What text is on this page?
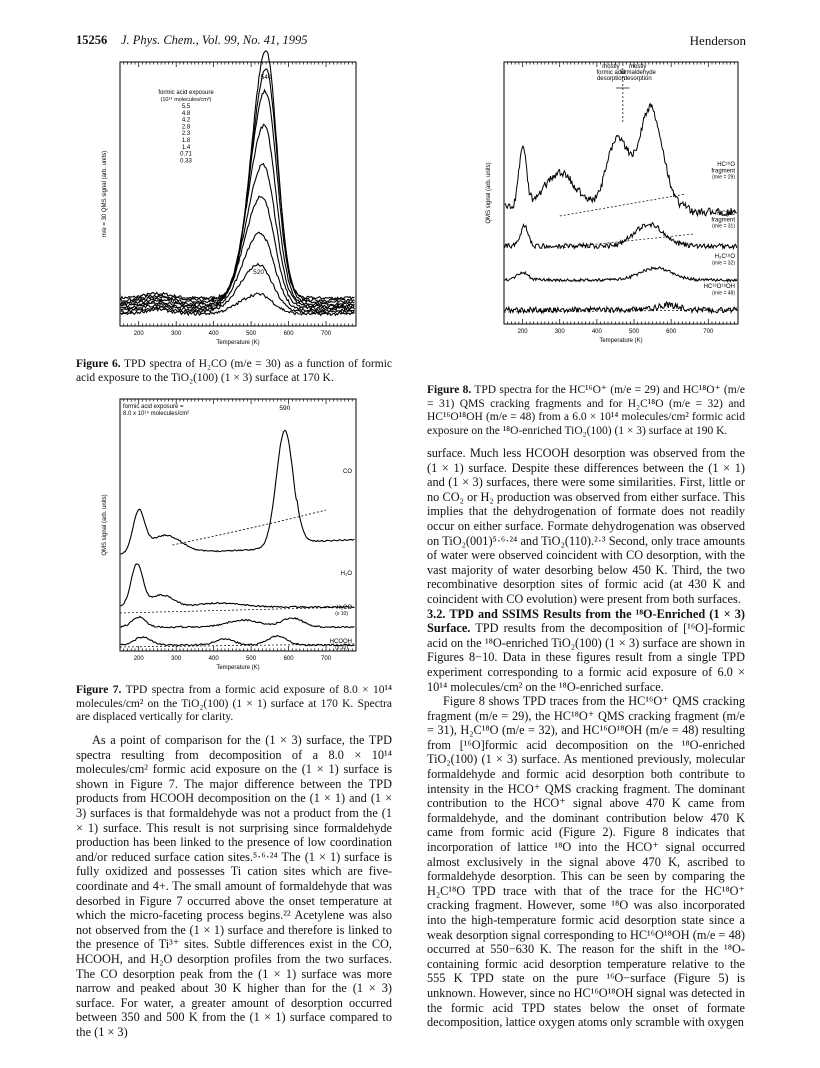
15256 J. Phys. Chem., Vol. 99, No. 41, 1995	Henderson
200	300	400	500	600	700
Temperature (K)
m/e = 30 QMS signal (arb. units)
540
520
formic acid exposure
(10¹⁴ molecules/cm²)
5.5
4.8
4.2
2.8
2.3
1.8
1.4
0.71
0.33
Figure 6. TPD spectra of H₂CO (m/e = 30) as a function of formic acid exposure to the TiO₂(100) (1 × 3) surface at 170 K.
200	300	400	500	600	700
Temperature (K)
QMS signal (arb. units)
formic acid exposure =
8.0 x 10¹⁴ molecules/cm²
590
CO
H₂O
H₂CO
(x 10)
HCOOH
(x 10)
Figure 7. TPD spectra from a formic acid exposure of 8.0 × 10¹⁴ molecules/cm² on the TiO₂(100) (1 × 1) surface at 170 K. Spectra are displaced vertically for clarity.
200	300	400	500	600	700
Temperature (K)
QMS signal (arb. units)
mostly
formic acid
desorption
mostly
formaldehyde
desorption
HC¹⁶O
fragment
(m/e = 29)
HC¹⁸O
fragment
(m/e = 31)
H₂C¹⁸O
(m/e = 32)
HC¹⁶O¹⁸OH
(m/e = 48)
Figure 8. TPD spectra for the HC¹⁶O⁺ (m/e = 29) and HC¹⁸O⁺ (m/e = 31) QMS cracking fragments and for H₂C¹⁸O (m/e = 32) and HC¹⁶O¹⁸OH (m/e = 48) from a 6.0 × 10¹⁴ molecules/cm² formic acid exposure on the ¹⁸O-enriched TiO₂(100) (1 × 3) surface at 190 K.

As a point of comparison for the (1 × 3) surface, the TPD spectra resulting from decomposition of a 8.0 × 10¹⁴ molecules/cm² formic acid exposure on the (1 × 1) surface is shown in Figure 7. The major difference between the TPD products from HCOOH decomposition on the (1 × 1) and (1 × 3) surfaces is that formaldehyde was not a product from the (1 × 1) surface. This result is not surprising since formaldehyde production has been linked to the presence of low coordination and/or reduced surface cation sites.⁵·⁶·²⁴ The (1 × 1) surface is fully oxidized and possesses Ti cation sites which are five-coordinate and 4+. The small amount of formaldehyde that was desorbed in Figure 7 occurred above the onset temperature at which the micro-faceting process begins.²² Acetylene was also not observed from the (1 × 1) surface and therefore is linked to the presence of Ti³⁺ sites. Subtle differences exist in the CO, HCOOH, and H₂O desorption profiles from the two surfaces. The CO desorption peak from the (1 × 1) surface was more narrow and peaked about 30 K higher than for the (1 × 3) surface. For water, a greater amount of desorption occurred between 350 and 500 K from the (1 × 1) surface compared to the (1 × 3)

surface. Much less HCOOH desorption was observed from the (1 × 1) surface. Despite these differences between the (1 × 1) and (1 × 3) surfaces, there were some similarities. First, little or no CO₂ or H₂ production was observed from either surface. This implies that the dehydrogenation of formate does not readily occur on either surface. Formate dehydrogenation was observed on TiO₂(001)⁵·⁶·²⁴ and TiO₂(110).²·³ Second, only trace amounts of water were observed coincident with CO desorption, with the vast majority of water desorbing below 450 K. Third, the two recombinative desorption sites of formic acid (at 430 K and coincident with CO evolution) were present from both surfaces.

3.2. TPD and SSIMS Results from the ¹⁸O-Enriched (1 × 3) Surface. TPD results from the decomposition of [¹⁶O]-formic acid on the ¹⁸O-enriched TiO₂(100) (1 × 3) surface are shown in Figures 8−10. Data in these figures result from a single TPD experiment corresponding to a formic acid exposure of 6.0 × 10¹⁴ molecules/cm² on the ¹⁸O-enriched surface.

Figure 8 shows TPD traces from the HC¹⁶O⁺ QMS cracking fragment (m/e = 29), the HC¹⁸O⁺ QMS cracking fragment (m/e = 31), H₂C¹⁸O (m/e = 32), and HC¹⁶O¹⁸OH (m/e = 48) resulting from [¹⁶O]formic acid decomposition on the ¹⁸O-enriched TiO₂(100) (1 × 3) surface. As mentioned previously, molecular formaldehyde and formic acid desorption both contribute to intensity in the HCO⁺ QMS cracking fragment. The dominant contribution to the HCO⁺ signal above 470 K came from formaldehyde, and the dominant contribution below 470 K came from formic acid (Figure 2). Figure 8 indicates that incorporation of lattice ¹⁸O into the HCO⁺ signal occurred almost exclusively in the signal above 470 K, ascribed to formaldehyde desorption. This can be seen by comparing the H₂C¹⁸O TPD trace with that of the trace for the HC¹⁸O⁺ cracking fragment. However, some ¹⁸O was also incorporated into the high-temperature formic acid desorption state since a weak desorption signal corresponding to HC¹⁶O¹⁸OH (m/e = 48) occurred at 550−630 K. The reason for the shift in the ¹⁸O-containing formic acid desorption temperature relative to the 555 K TPD state on the pure ¹⁶O−surface (Figure 5) is unknown. However, since no HC¹⁶O¹⁸OH signal was detected in the formic acid TPD states below the onset of formate decomposition, lattice oxygen atoms only scramble with oxygen
